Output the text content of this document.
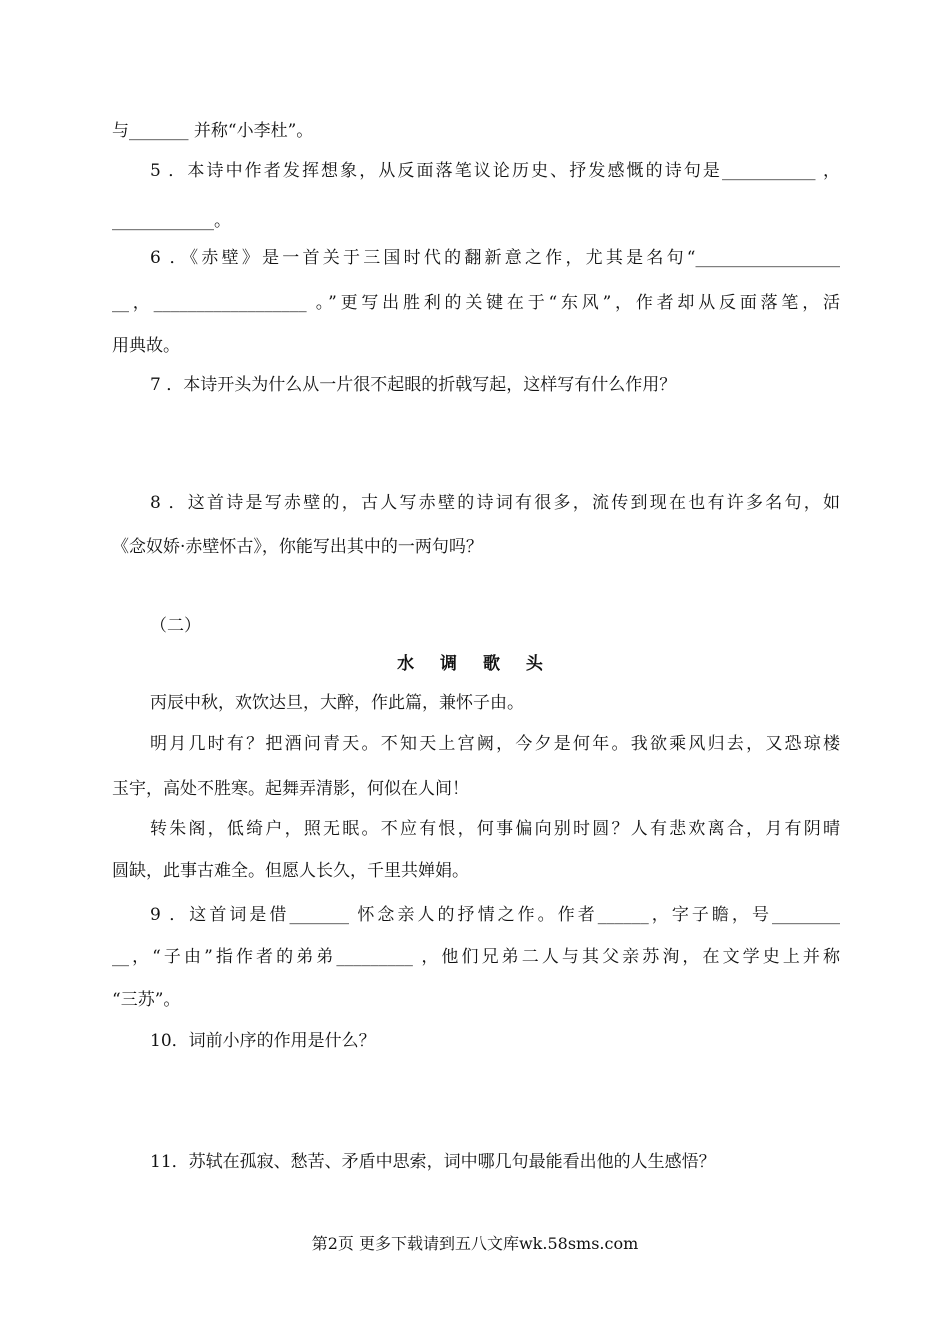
与_______ 并称“小李杜”。
5 ．本诗中作者发挥想象，从反面落笔议论历史、抒发感慨的诗句是___________ ，
____________。
6 ．《赤壁》是一首关于三国时代的翻新意之作，尤其是名句“_________________
__，__________________ 。”更写出胜利的关键在于“东风”，作者却从反面落笔，活
用典故。
7 ．本诗开头为什么从一片很不起眼的折戟写起，这样写有什么作用？
8 ．这首诗是写赤壁的，古人写赤壁的诗词有很多，流传到现在也有许多名句，如
《念奴娇·赤壁怀古》，你能写出其中的一两句吗？
（二）
水 调 歌 头
丙辰中秋，欢饮达旦，大醉，作此篇，兼怀子由。
明月几时有？把酒问青天。不知天上宫阙，今夕是何年。我欲乘风归去，又恐琼楼
玉宇，高处不胜寒。起舞弄清影，何似在人间！
转朱阁，低绮户，照无眠。不应有恨，何事偏向别时圆？人有悲欢离合，月有阴晴
圆缺，此事古难全。但愿人长久，千里共婵娟。
9 ．这首词是借_______ 怀念亲人的抒情之作。作者______，字子瞻，号________
__，“子由”指作者的弟弟_________ ，他们兄弟二人与其父亲苏洵，在文学史上并称
“三苏”。
10．词前小序的作用是什么？
11．苏轼在孤寂、愁苦、矛盾中思索，词中哪几句最能看出他的人生感悟？
第2页 更多下载请到五八文库wk.58sms.com
